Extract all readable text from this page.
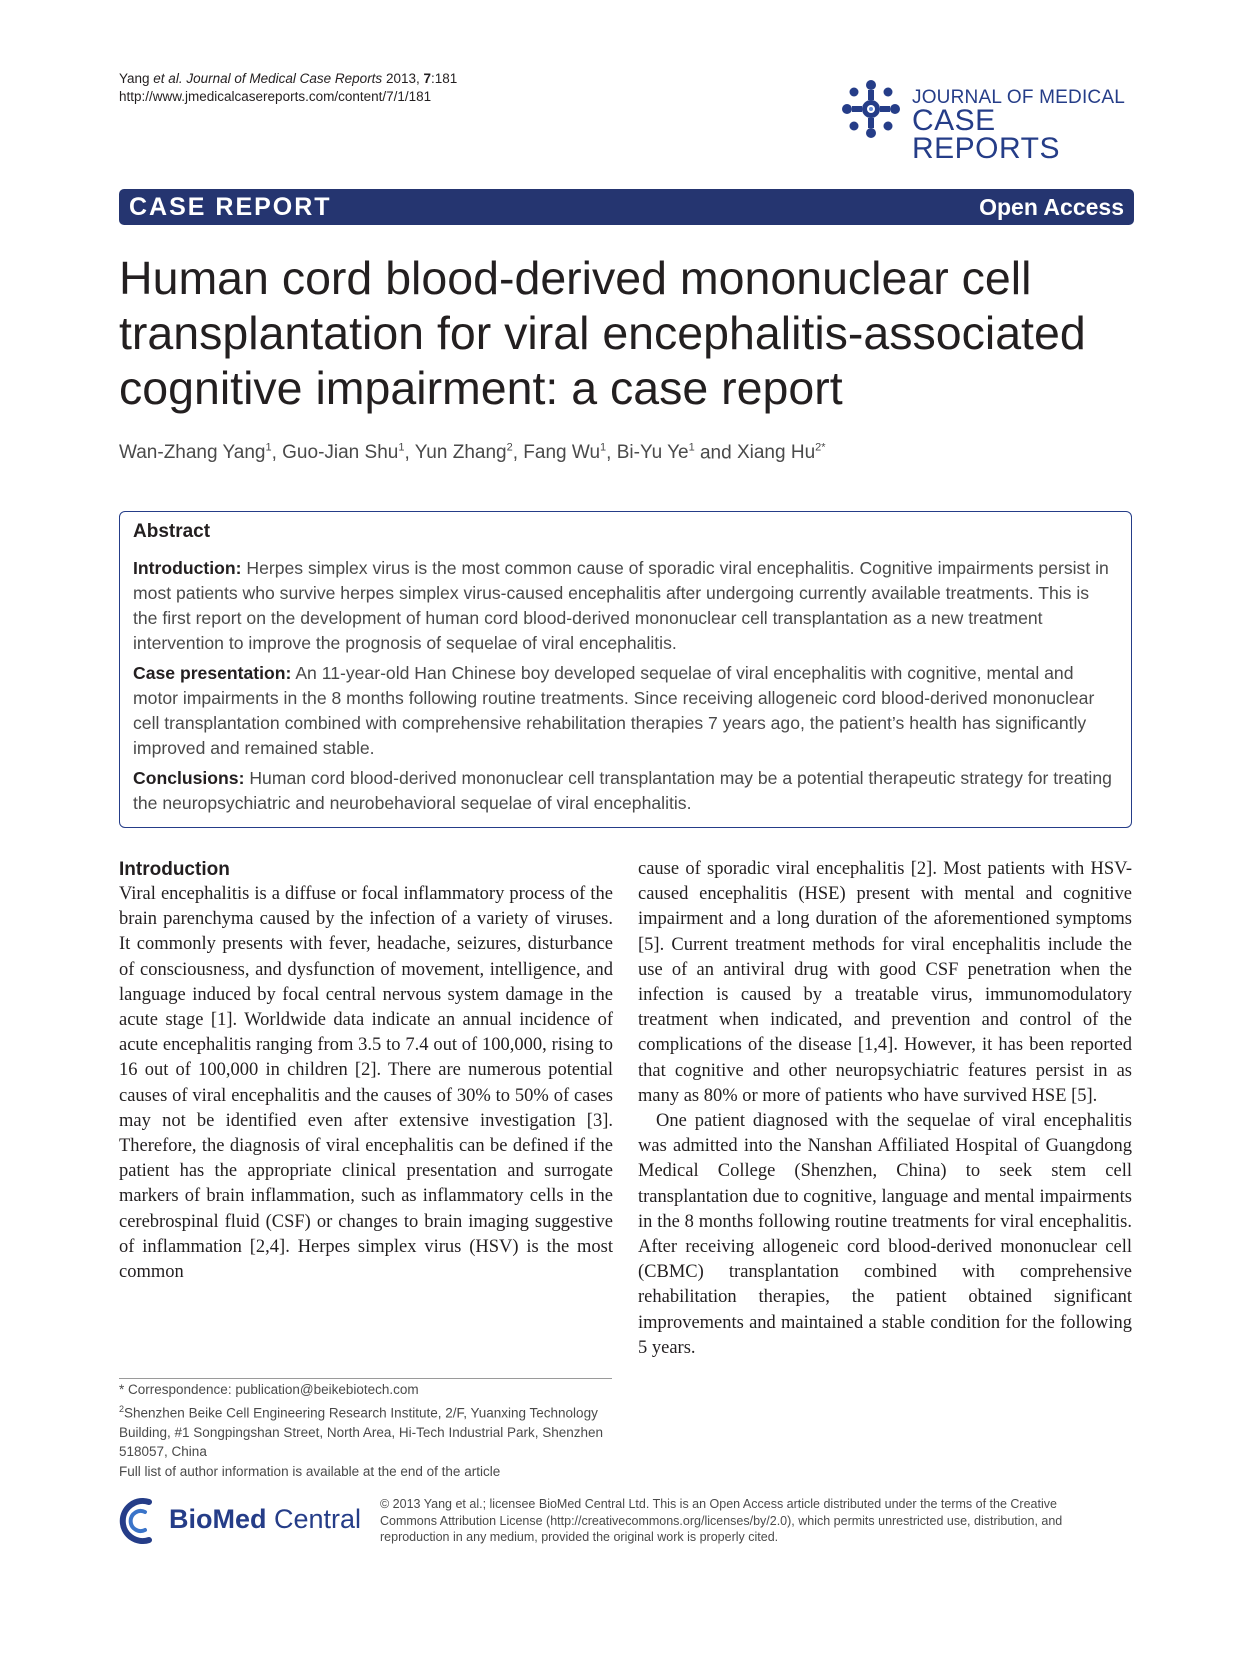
Yang et al. Journal of Medical Case Reports 2013, 7:181
http://www.jmedicalcasereports.com/content/7/1/181	JOURNAL OF MEDICAL
CASE REPORTS
CASE REPORT	Open Access
Human cord blood-derived mononuclear cell transplantation for viral encephalitis-associated cognitive impairment: a case report
Wan-Zhang Yang$^1$, Guo-Jian Shu$^1$, Yun Zhang$^2$, Fang Wu$^1$, Bi-Yu Ye$^1$ and Xiang $Hu^{2*}$
Abstract

Introduction: Herpes simplex virus is the most common cause of sporadic viral encephalitis. Cognitive impairments persist in most patients who survive herpes simplex virus-caused encephalitis after undergoing currently available treatments. This is the first report on the development of human cord blood-derived mononuclear cell transplantation as a new treatment intervention to improve the prognosis of sequelae of viral encephalitis.

Case presentation: An 11-year-old Han Chinese boy developed sequelae of viral encephalitis with cognitive, mental and motor impairments in the 8 months following routine treatments. Since receiving allogeneic cord blood-derived mononuclear cell transplantation combined with comprehensive rehabilitation therapies 7 years ago, the patient’s health has significantly improved and remained stable.

Conclusions: Human cord blood-derived mononuclear cell transplantation may be a potential therapeutic strategy for treating the neuropsychiatric and neurobehavioral sequelae of viral encephalitis.

Introduction

Viral encephalitis is a diffuse or focal inflammatory process of the brain parenchyma caused by the infection of a variety of viruses. It commonly presents with fever, headache, seizures, disturbance of consciousness, and dysfunction of movement, intelligence, and language induced by focal central nervous system damage in the acute stage [1]. Worldwide data indicate an annual incidence of acute encephalitis ranging from 3.5 to 7.4 out of 100,000, rising to 16 out of 100,000 in children [2]. There are numerous potential causes of viral encephalitis and the causes of 30% to 50% of cases may not be identified even after extensive investigation [3]. Therefore, the diagnosis of viral encephalitis can be defined if the patient has the appropriate clinical presentation and surrogate markers of brain inflammation, such as inflammatory cells in the cerebrospinal fluid (CSF) or changes to brain imaging suggestive of inflammation [2,4]. Herpes simplex virus (HSV) is the most common

cause of sporadic viral encephalitis [2]. Most patients with HSV-caused encephalitis (HSE) present with mental and cognitive impairment and a long duration of the aforementioned symptoms [5]. Current treatment methods for viral encephalitis include the use of an antiviral drug with good CSF penetration when the infection is caused by a treatable virus, immunomodulatory treatment when indicated, and prevention and control of the complications of the disease [1,4]. However, it has been reported that cognitive and other neuropsychiatric features persist in as many as 80% or more of patients who have survived HSE [5].

One patient diagnosed with the sequelae of viral encephalitis was admitted into the Nanshan Affiliated Hospital of Guangdong Medical College (Shenzhen, China) to seek stem cell transplantation due to cognitive, language and mental impairments in the 8 months following routine treatments for viral encephalitis. After receiving allogeneic cord blood-derived mononuclear cell (CBMC) transplantation combined with comprehensive rehabilitation therapies, the patient obtained significant improvements and maintained a stable condition for the following 5 years.

* Correspondence: publication@beikebiotech.com
$^2$Shenzhen Beike Cell Engineering Research Institute, 2/F, Yuanxing Technology Building, #1 Songpingshan Street, North Area, Hi-Tech Industrial Park, Shenzhen 518057, China
Full list of author information is available at the end of the article
BioMed Central © 2013 Yang et al.; licensee BioMed Central Ltd. This is an Open Access article distributed under the terms of the Creative Commons Attribution License (http://creativecommons.org/licenses/by/2.0), which permits unrestricted use, distribution, and reproduction in any medium, provided the original work is properly cited.
